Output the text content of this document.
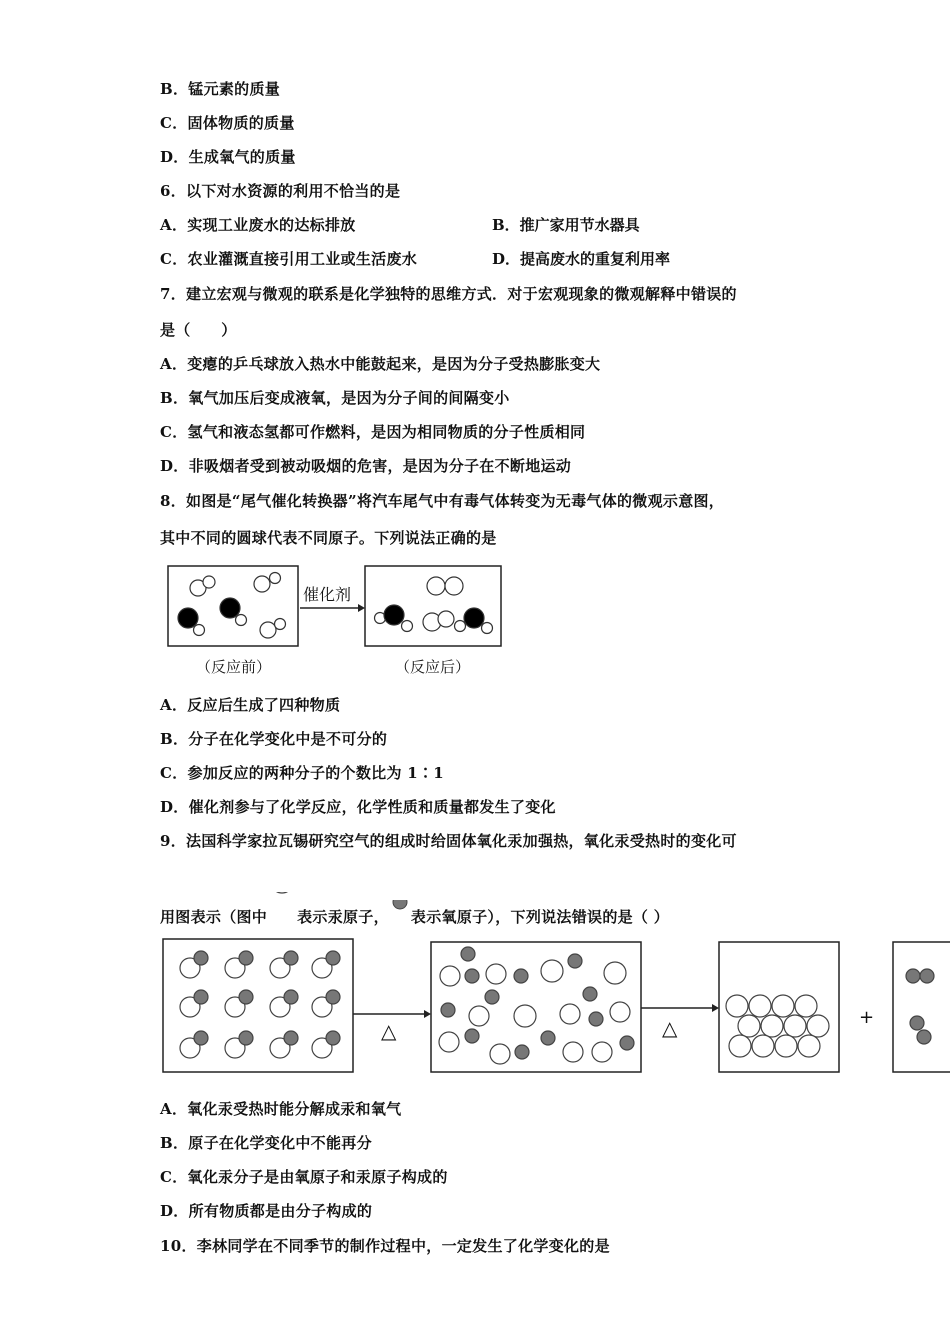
B．锰元素的质量
C．固体物质的质量
D．生成氧气的质量
6．以下对水资源的利用不恰当的是
A．实现工业废水的达标排放	B．推广家用节水器具
C．农业灌溉直接引用工业或生活废水	D．提高废水的重复利用率
7．建立宏观与微观的联系是化学独特的思维方式．对于宏观现象的微观解释中错误的
是（　　）
A．变瘪的乒乓球放入热水中能鼓起来，是因为分子受热膨胀变大
B．氧气加压后变成液氧，是因为分子间的间隔变小
C．氢气和液态氢都可作燃料，是因为相同物质的分子性质相同
D．非吸烟者受到被动吸烟的危害，是因为分子在不断地运动
8．如图是“尾气催化转换器”将汽车尾气中有毒气体转变为无毒气体的微观示意图，
其中不同的圆球代表不同原子。下列说法正确的是
催化剂
（反应前）	（反应后）
A．反应后生成了四种物质
B．分子在化学变化中是不可分的
C．参加反应的两种分子的个数比为 1∶1
D．催化剂参与了化学反应，化学性质和质量都发生了变化
9．法国科学家拉瓦锡研究空气的组成时给固体氧化汞加强热，氧化汞受热时的变化可
用图表示（图中 表示汞原子， 表示氧原子），下列说法错误的是（ ）
△	△	+
A．氧化汞受热时能分解成汞和氧气
B．原子在化学变化中不能再分
C．氧化汞分子是由氧原子和汞原子构成的
D．所有物质都是由分子构成的
10．李林同学在不同季节的制作过程中，一定发生了化学变化的是
